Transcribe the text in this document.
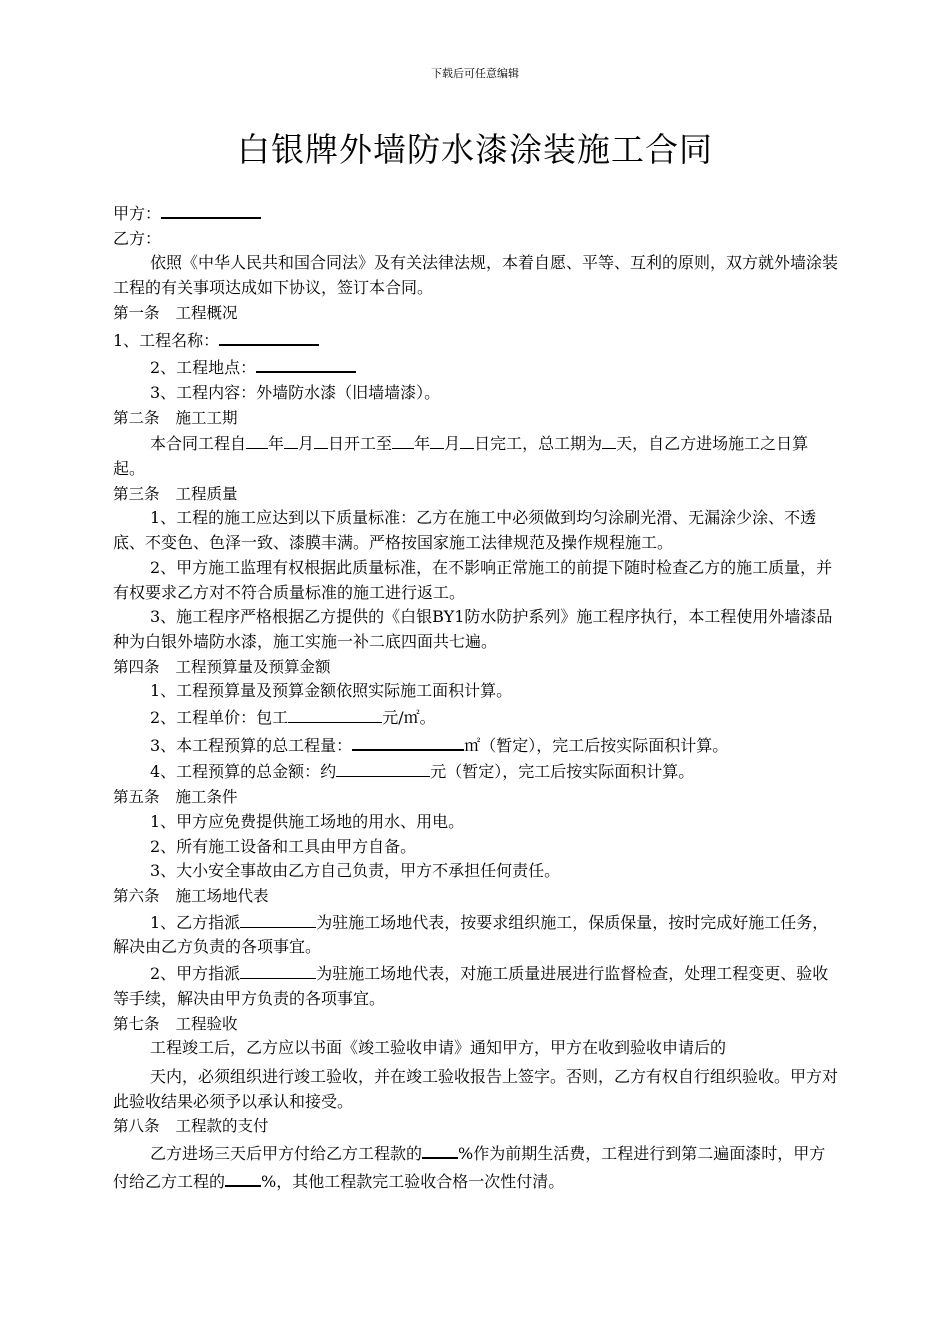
下载后可任意编辑
白银牌外墙防水漆涂装施工合同

甲方：

乙方：

依照《中华人民共和国合同法》及有关法律法规，本着自愿、平等、互利的原则，双方就外墙涂装工程的有关事项达成如下协议，签订本合同。

第一条 工程概况

1、工程名称：

2、工程地点：

3、工程内容：外墙防水漆（旧墙墙漆）。

第二条 施工工期

本合同工程自 年 月 日开工至 年 月 日完工，总工期为 天，自乙方进场施工之日算起。

第三条 工程质量

1、工程的施工应达到以下质量标准：乙方在施工中必须做到均匀涂刷光滑、无漏涂少涂、不透底、不变色、色泽一致、漆膜丰满。严格按国家施工法律规范及操作规程施工。

2、甲方施工监理有权根据此质量标准，在不影响正常施工的前提下随时检查乙方的施工质量，并有权要求乙方对不符合质量标准的施工进行返工。

3、施工程序严格根据乙方提供的《白银BY1防水防护系列》施工程序执行，本工程使用外墙漆品种为白银外墙防水漆，施工实施一补二底四面共七遍。

第四条 工程预算量及预算金额

1、工程预算量及预算金额依照实际施工面积计算。

2、工程单价：包工	元/㎡。

3、本工程预算的总工程量：	㎡（暂定），完工后按实际面积计算。

4、工程预算的总金额：约	元（暂定），完工后按实际面积计算。

第五条 施工条件

1、甲方应免费提供施工场地的用水、用电。

2、所有施工设备和工具由甲方自备。

3、大小安全事故由乙方自己负责，甲方不承担任何责任。

第六条 施工场地代表

1、乙方指派	为驻施工场地代表，按要求组织施工，保质保量，按时完成好施工任务，解决由乙方负责的各项事宜。

2、甲方指派	为驻施工场地代表，对施工质量进展进行监督检查，处理工程变更、验收等手续，解决由甲方负责的各项事宜。

第七条 工程验收

工程竣工后，乙方应以书面《竣工验收申请》通知甲方，甲方在收到验收申请后的

天内，必须组织进行竣工验收，并在竣工验收报告上签字。否则，乙方有权自行组织验收。甲方对此验收结果必须予以承认和接受。

第八条 工程款的支付

乙方进场三天后甲方付给乙方工程款的 %作为前期生活费，工程进行到第二遍面漆时，甲方付给乙方工程的 %，其他工程款完工验收合格一次性付清。
